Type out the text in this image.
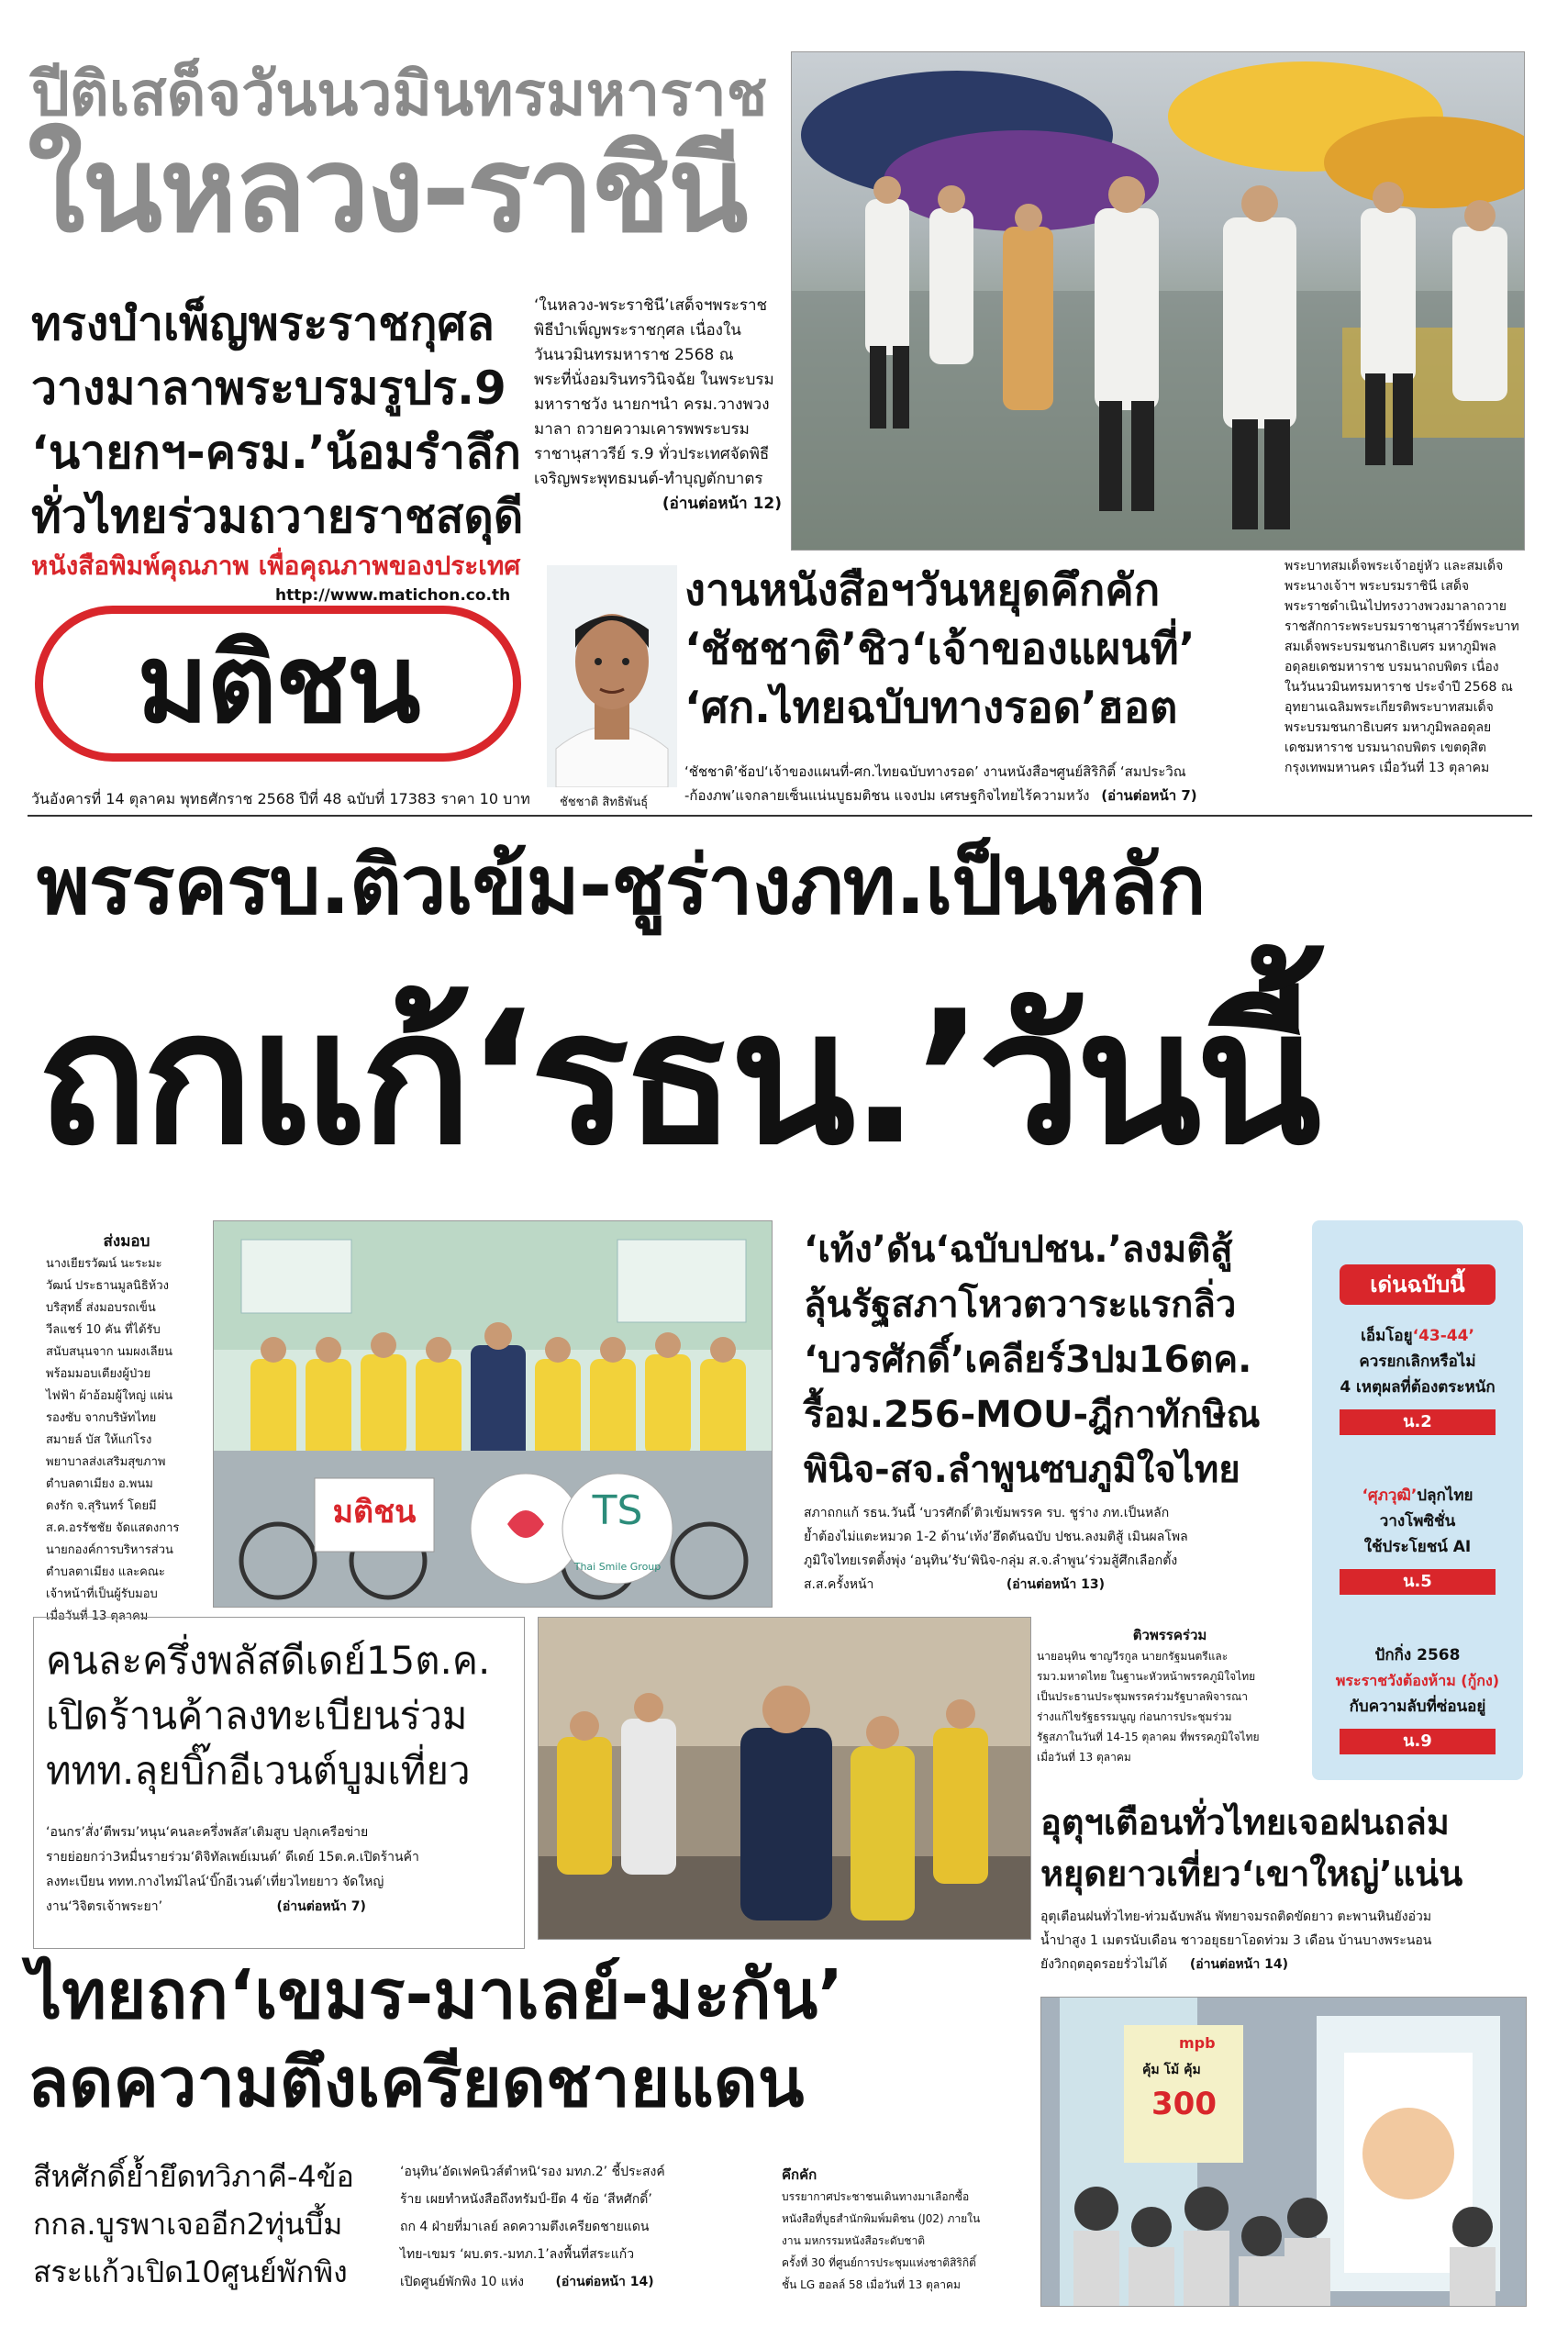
ปีติเสด็จวันนวมินทรมหาราช
ในหลวง-ราชินี
ทรงบำเพ็ญพระราชกุศล
วางมาลาพระบรมรูปร.9
‘นายกฯ-ครม.’น้อมรำลึก
ทั่วไทยร่วมถวายราชสดุดี
‘ในหลวง-พระราชินี’เสด็จฯพระราช
พิธีบำเพ็ญพระราชกุศล เนื่องใน
วันนวมินทรมหาราช 2568 ณ
พระที่นั่งอมรินทรวินิจฉัย ในพระบรม
มหาราชวัง นายกฯนำ ครม.วางพวง
มาลา ถวายความเคารพพระบรม
ราชานุสาวรีย์ ร.9 ทั่วประเทศจัดพิธี
เจริญพระพุทธมนต์-ทำบุญตักบาตร
(อ่านต่อหน้า 12)
หนังสือพิมพ์คุณภาพ เพื่อคุณภาพของประเทศ
http://www.matichon.co.th
มติชน
วันอังคารที่ 14 ตุลาคม พุทธศักราช 2568 ปีที่ 48 ฉบับที่ 17383 ราคา 10 บาท ชัชชาติ สิทธิพันธุ์
งานหนังสือฯวันหยุดคึกคัก
‘ชัชชาติ’ชิว‘เจ้าของแผนที่’
‘ศก.ไทยฉบับทางรอด’ฮอต
‘ชัชชาติ’ช้อป‘เจ้าของแผนที่-ศก.ไทยฉบับทางรอด’ งานหนังสือฯศูนย์สิริกิติ์ ‘สมประวิณ
-ก้องภพ’แจกลายเซ็นแน่นบูธมติชน แจงปม เศรษฐกิจไทยไร้ความหวัง (อ่านต่อหน้า 7)
พระบาทสมเด็จพระเจ้าอยู่หัว และสมเด็จ
พระนางเจ้าฯ พระบรมราชินี เสด็จ
พระราชดำเนินไปทรงวางพวงมาลาถวาย
ราชสักการะพระบรมราชานุสาวรีย์พระบาท
สมเด็จพระบรมชนกาธิเบศร มหาภูมิพล
อดุลยเดชมหาราช บรมนาถบพิตร เนื่อง
ในวันนวมินทรมหาราช ประจำปี 2568 ณ
อุทยานเฉลิมพระเกียรติพระบาทสมเด็จ
พระบรมชนกาธิเบศร มหาภูมิพลอดุลย
เดชมหาราช บรมนาถบพิตร เขตดุสิต
กรุงเทพมหานคร เมื่อวันที่ 13 ตุลาคม
พรรครบ.ติวเข้ม-ชูร่างภท.เป็นหลัก
ถกแก้‘รธน.’วันนี้
ส่งมอบ
นางเยียรวัฒน์ นะระมะ
วัฒน์ ประธานมูลนิธิห้วง
บริสุทธิ์ ส่งมอบรถเข็น
วีลแชร์ 10 คัน ที่ได้รับ
สนับสนุนจาก นมผงเลียน
พร้อมมอบเตียงผู้ป่วย
ไฟฟ้า ผ้าอ้อมผู้ใหญ่ แผ่น
รองซับ จากบริษัทไทย
สมายล์ บัส ให้แก่โรง
พยาบาลส่งเสริมสุขภาพ
ตำบลตาเมียง อ.พนม
ดงรัก จ.สุรินทร์ โดยมี
ส.ค.อรรัชชัย จัดแสดงการ
นายกองค์การบริหารส่วน
ตำบลตาเมียง และคณะ
เจ้าหน้าที่เป็นผู้รับมอบ
เมื่อวันที่ 13 ตุลาคม
TS
มติชน
Thai Smile Group
‘เท้ง’ดัน‘ฉบับปชน.’ลงมติสู้
ลุ้นรัฐสภาโหวตวาระแรกลิ่ว
‘บวรศักดิ์’เคลียร์3ปม16ตค.
รื้อม.256-MOU-ฎีกาทักษิณ
พินิจ-สจ.ลำพูนซบภูมิใจไทย
สภาถกแก้ รธน.วันนี้ ‘บวรศักดิ์’ติวเข้มพรรค รบ. ชูร่าง ภท.เป็นหลัก
ย้ำต้องไม่แตะหมวด 1-2 ด้าน‘เท้ง’ฮึดดันฉบับ ปชน.ลงมติสู้ เมินผลโพล
ภูมิใจไทยเรตติ้งพุ่ง ‘อนุทิน’รับ‘พินิจ-กลุ่ม ส.จ.ลำพูน’ร่วมสู้ศึกเลือกตั้ง
ส.ส.ครั้งหน้า	(อ่านต่อหน้า 13)
เด่นฉบับนี้
เอ็มโอยู‘43-44’
ควรยกเลิกหรือไม่
4 เหตุผลที่ต้องตระหนัก
น.2
‘ศุภวุฒิ’ปลุกไทย
วางโพซิชั่น
ใช้ประโยชน์ AI
น.5
ปักกิ่ง 2568
พระราชวังต้องห้าม (กู้กง)
กับความลับที่ซ่อนอยู่
น.9
คนละครึ่งพลัสดีเดย์15ต.ค.
เปิดร้านค้าลงทะเบียนร่วม
ททท.ลุยบิ๊กอีเวนต์บูมเที่ยว
‘อนกร’สั่ง‘ตีพรม’หนุน‘คนละครึ่งพลัส’เติมสูบ ปลุกเครือข่าย
รายย่อยกว่า3หมื่นรายร่วม‘ดิจิทัลเพย์เมนต์’ ดีเดย์ 15ต.ค.เปิดร้านค้า
ลงทะเบียน ททท.กางไทม์ไลน์‘บิ๊กอีเวนต์’เที่ยวไทยยาว จัดใหญ่
งาน‘วิจิตรเจ้าพระยา’	(อ่านต่อหน้า 7)
ติวพรรคร่วม
นายอนุทิน ชาญวีรกูล นายกรัฐมนตรีและ
รมว.มหาดไทย ในฐานะหัวหน้าพรรคภูมิใจไทย
เป็นประธานประชุมพรรคร่วมรัฐบาลพิจารณา
ร่างแก้ไขรัฐธรรมนูญ ก่อนการประชุมร่วม
รัฐสภาในวันที่ 14-15 ตุลาคม ที่พรรคภูมิใจไทย
เมื่อวันที่ 13 ตุลาคม
อุตุฯเตือนทั่วไทยเจอฝนถล่ม
หยุดยาวเที่ยว‘เขาใหญ่’แน่น
อุตุเตือนฝนทั่วไทย-ท่วมฉับพลัน พัทยาจมรถติดขัดยาว ตะพานหินยังอ่วม
น้ำปาสูง 1 เมตรนับเดือน ชาวอยุธยาโอดท่วม 3 เดือน บ้านบางพระนอน
ยังวิกฤตอุดรอยรั่วไม่ได้ (อ่านต่อหน้า 14)
ไทยถก‘เขมร-มาเลย์-มะกัน’
ลดความตึงเครียดชายแดน
สีหศักดิ์ย้ำยึดทวิภาคี-4ข้อ
กกล.บูรพาเจออีก2ทุ่นบึ้ม
สระแก้วเปิด10ศูนย์พักพิง
‘อนุทิน’อัดเฟคนิวส์ตำหนิ‘รอง มทภ.2’ ชี้ประสงค์
ร้าย เผยทำหนังสือถึงทรัมป์-ยึด 4 ข้อ ‘สีหศักดิ์’
ถก 4 ฝ่ายที่มาเลย์ ลดความตึงเครียดชายแดน
ไทย-เขมร ‘ผบ.ตร.-มทภ.1’ลงพื้นที่สระแก้ว
เปิดศูนย์พักพิง 10 แห่ง (อ่านต่อหน้า 14)
คึกคัก
บรรยากาศประชาชนเดินทางมาเลือกซื้อ
หนังสือที่บูธสำนักพิมพ์มติชน (J02) ภายใน
งาน มหกรรมหนังสือระดับชาติ
ครั้งที่ 30 ที่ศูนย์การประชุมแห่งชาติสิริกิติ์
ชั้น LG ฮอลล์ 58 เมื่อวันที่ 13 ตุลาคม
mpb
คุ้ม โม้ คุ้ม
300
